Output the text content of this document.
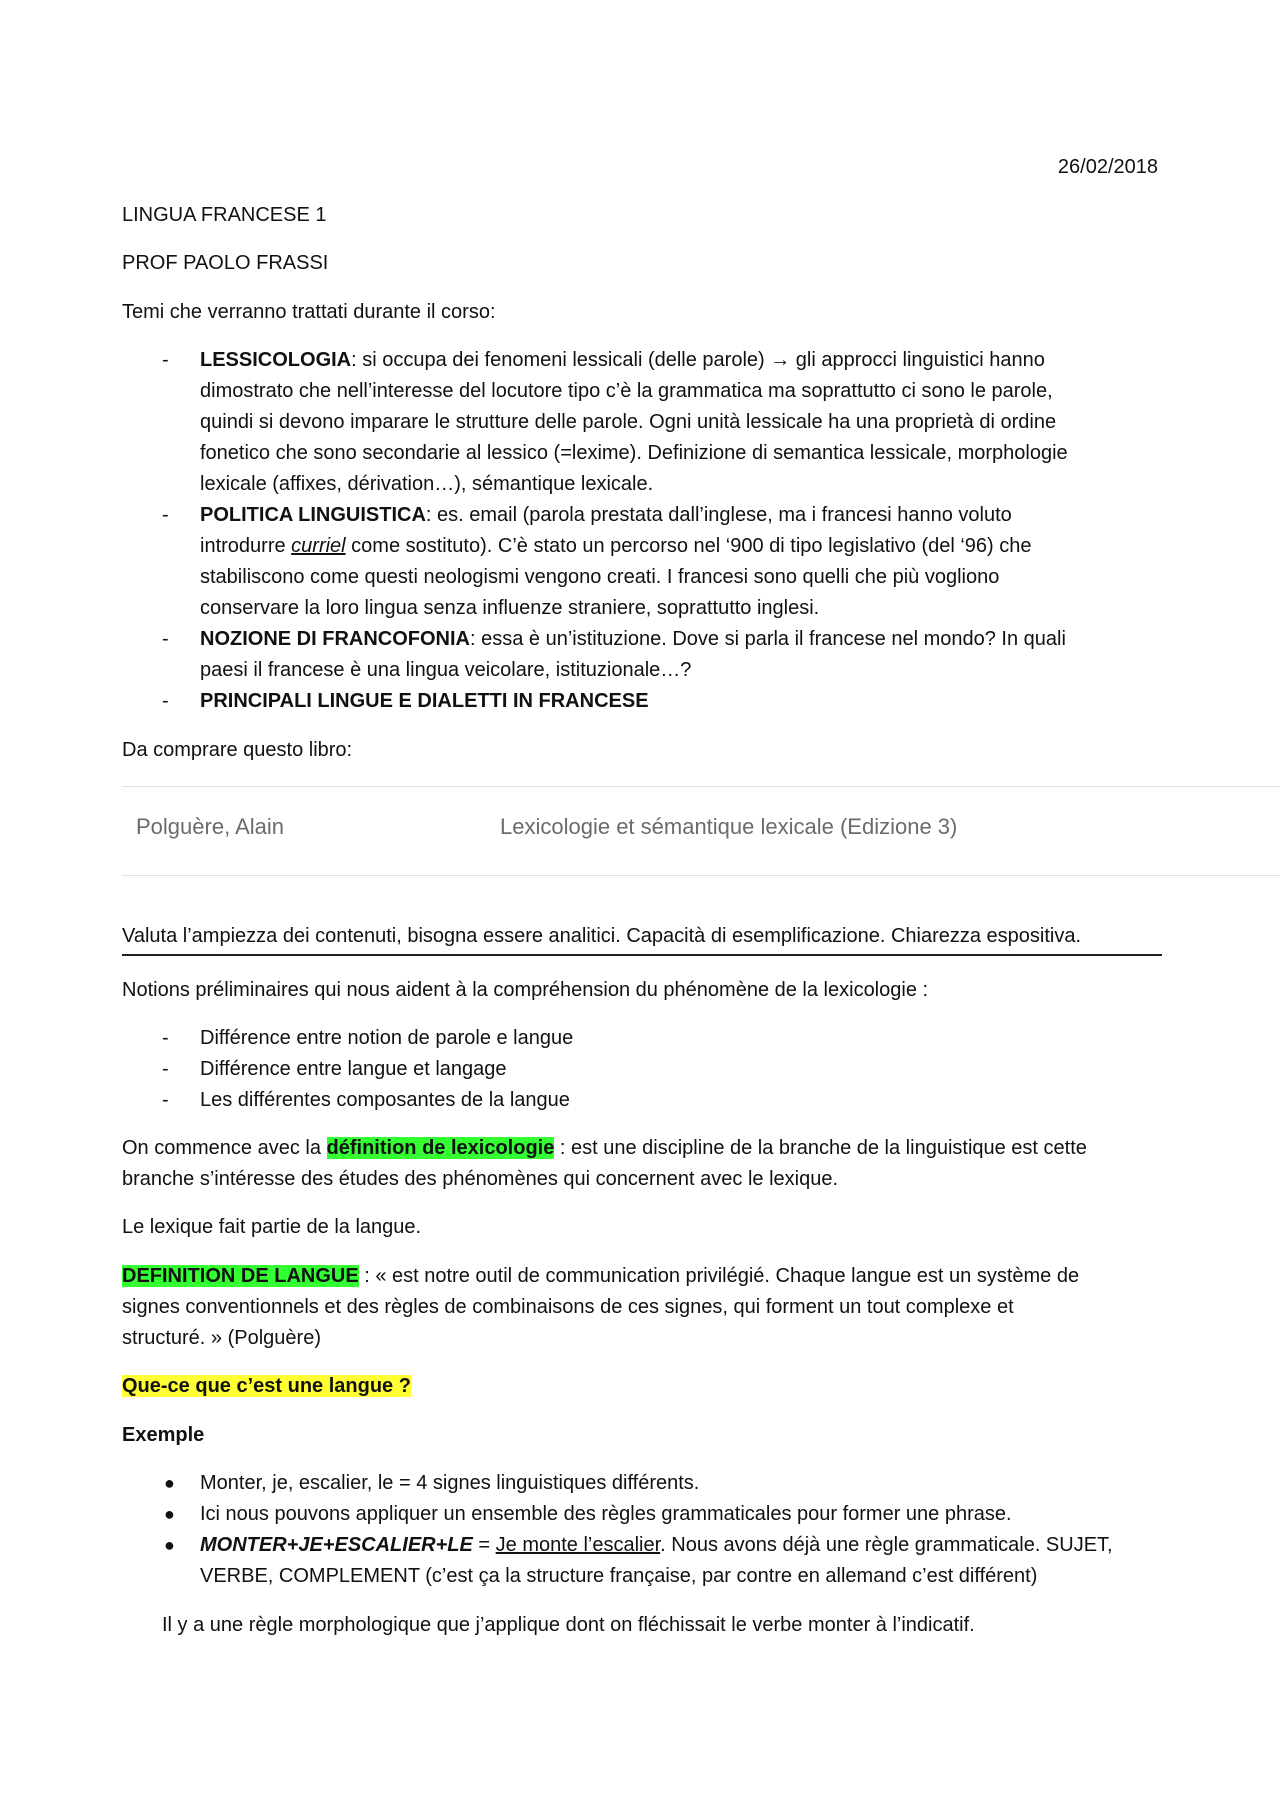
26/02/2018
LINGUA FRANCESE 1
PROF PAOLO FRASSI
Temi che verranno trattati durante il corso:
- LESSICOLOGIA: si occupa dei fenomeni lessicali (delle parole) → gli approcci linguistici hanno
dimostrato che nell’interesse del locutore tipo c’è la grammatica ma soprattutto ci sono le parole,
quindi si devono imparare le strutture delle parole. Ogni unità lessicale ha una proprietà di ordine
fonetico che sono secondarie al lessico (=lexime). Definizione di semantica lessicale, morphologie
lexicale (affixes, dérivation…), sémantique lexicale.
- POLITICA LINGUISTICA: es. email (parola prestata dall’inglese, ma i francesi hanno voluto
introdurre curriel come sostituto). C’è stato un percorso nel ‘900 di tipo legislativo (del ‘96) che
stabiliscono come questi neologismi vengono creati. I francesi sono quelli che più vogliono
conservare la loro lingua senza influenze straniere, soprattutto inglesi.
- NOZIONE DI FRANCOFONIA: essa è un’istituzione. Dove si parla il francese nel mondo? In quali
paesi il francese è una lingua veicolare, istituzionale…?
- PRINCIPALI LINGUE E DIALETTI IN FRANCESE
Da comprare questo libro:
Polguère, Alain	Lexicologie et sémantique lexicale (Edizione 3)
Valuta l’ampiezza dei contenuti, bisogna essere analitici. Capacità di esemplificazione. Chiarezza espositiva.
Notions préliminaires qui nous aident à la compréhension du phénomène de la lexicologie :
- Différence entre notion de parole e langue
- Différence entre langue et langage
- Les différentes composantes de la langue
On commence avec la définition de lexicologie : est une discipline de la branche de la linguistique est cette
branche s’intéresse des études des phénomènes qui concernent avec le lexique.
Le lexique fait partie de la langue.
DEFINITION DE LANGUE : « est notre outil de communication privilégié. Chaque langue est un système de
signes conventionnels et des règles de combinaisons de ces signes, qui forment un tout complexe et
structuré. » (Polguère)
Que-ce que c’est une langue ?
Exemple
● Monter, je, escalier, le = 4 signes linguistiques différents.
● Ici nous pouvons appliquer un ensemble des règles grammaticales pour former une phrase.
● MONTER+JE+ESCALIER+LE = Je monte l’escalier. Nous avons déjà une règle grammaticale. SUJET,
VERBE, COMPLEMENT (c’est ça la structure française, par contre en allemand c’est différent)
Il y a une règle morphologique que j’applique dont on fléchissait le verbe monter à l’indicatif.
